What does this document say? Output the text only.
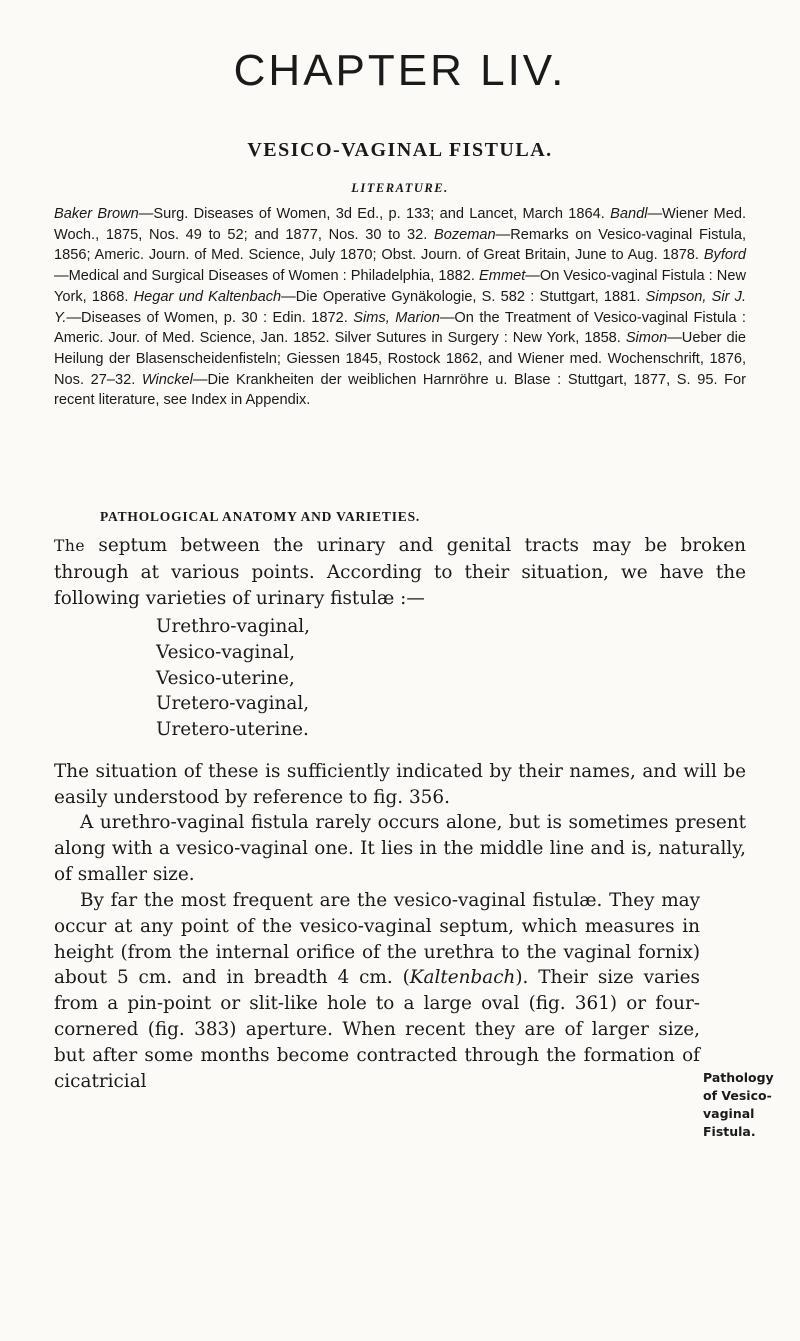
CHAPTER LIV.
VESICO-VAGINAL FISTULA.
LITERATURE.

Baker Brown—Surg. Diseases of Women, 3d Ed., p. 133; and Lancet, March 1864. Bandl—Wiener Med. Woch., 1875, Nos. 49 to 52; and 1877, Nos. 30 to 32. Bozeman—Remarks on Vesico-vaginal Fistula, 1856; Americ. Journ. of Med. Science, July 1870; Obst. Journ. of Great Britain, June to Aug. 1878. Byford—Medical and Surgical Diseases of Women : Philadelphia, 1882. Emmet—On Vesico-vaginal Fistula : New York, 1868. Hegar und Kaltenbach—Die Operative Gynäkologie, S. 582 : Stuttgart, 1881. Simpson, Sir J. Y.—Diseases of Women, p. 30 : Edin. 1872. Sims, Marion—On the Treatment of Vesico-vaginal Fistula : Americ. Jour. of Med. Science, Jan. 1852. Silver Sutures in Surgery : New York, 1858. Simon—Ueber die Heilung der Blasenscheidenfisteln; Giessen 1845, Rostock 1862, and Wiener med. Wochenschrift, 1876, Nos. 27–32. Winckel—Die Krankheiten der weiblichen Harnröhre u. Blase : Stuttgart, 1877, S. 95. For recent literature, see Index in Appendix.

PATHOLOGICAL ANATOMY AND VARIETIES.

The septum between the urinary and genital tracts may be broken through at various points. According to their situation, we have the following varieties of urinary fistulæ :—

Urethro-vaginal,
Vesico-vaginal,
Vesico-uterine,
Uretero-vaginal,
Uretero-uterine.

The situation of these is sufficiently indicated by their names, and will be easily understood by reference to fig. 356.

A urethro-vaginal fistula rarely occurs alone, but is sometimes present along with a vesico-vaginal one. It lies in the middle line and is, naturally, of smaller size.

By far the most frequent are the vesico-vaginal fistulæ. They may occur at any point of the vesico-vaginal septum, which measures in height (from the internal orifice of the urethra to the vaginal fornix) about 5 cm. and in breadth 4 cm. (Kaltenbach). Their size varies from a pin-point or slit-like hole to a large oval (fig. 361) or four-cornered (fig. 383) aperture. When recent they are of larger size, but after some months become contracted through the formation of cicatricial	Pathology
of Vesico-
vaginal
Fistula.
